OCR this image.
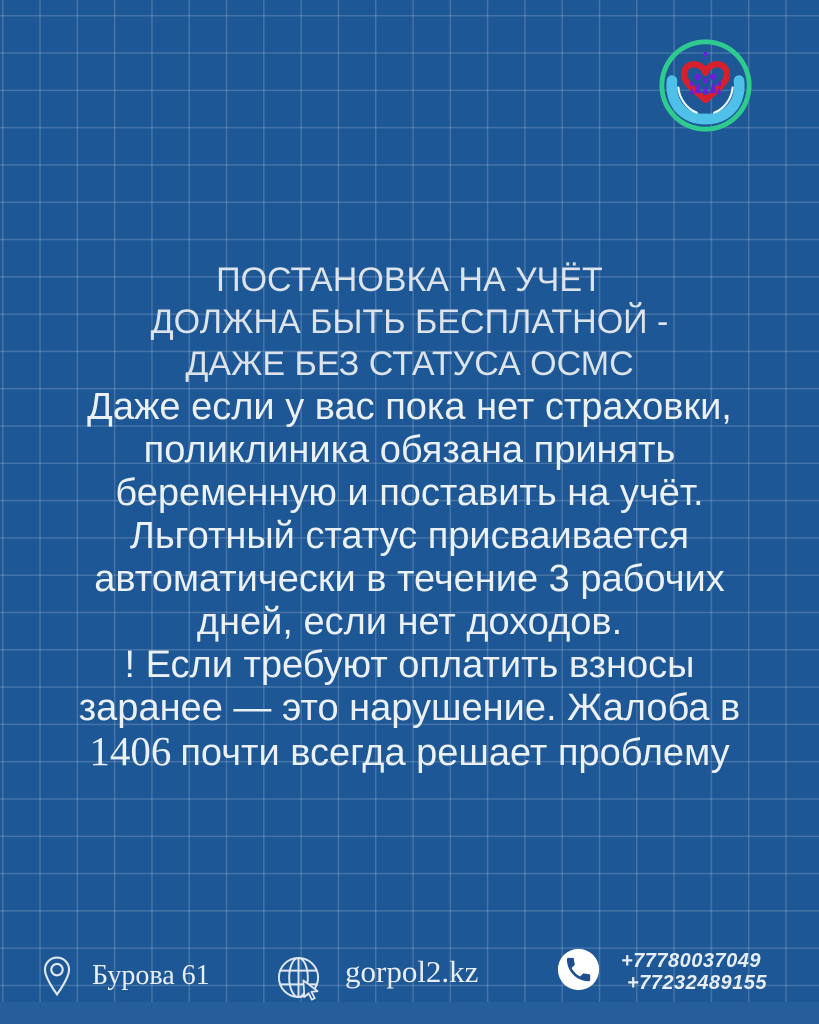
ПОСТАНОВКА НА УЧЁТ
ДОЛЖНА БЫТЬ БЕСПЛАТНОЙ -
ДАЖЕ БЕЗ СТАТУСА ОСМС
Даже если у вас пока нет страховки,
поликлиника обязана принять
беременную и поставить на учёт.
Льготный статус присваивается
автоматически в течение 3 рабочих
дней, если нет доходов.
! Если требуют оплатить взносы
заранее — это нарушение. Жалоба в
1406 почти всегда решает проблему
Бурова 61	gorpol2.kz	+77780037049
+77232489155
